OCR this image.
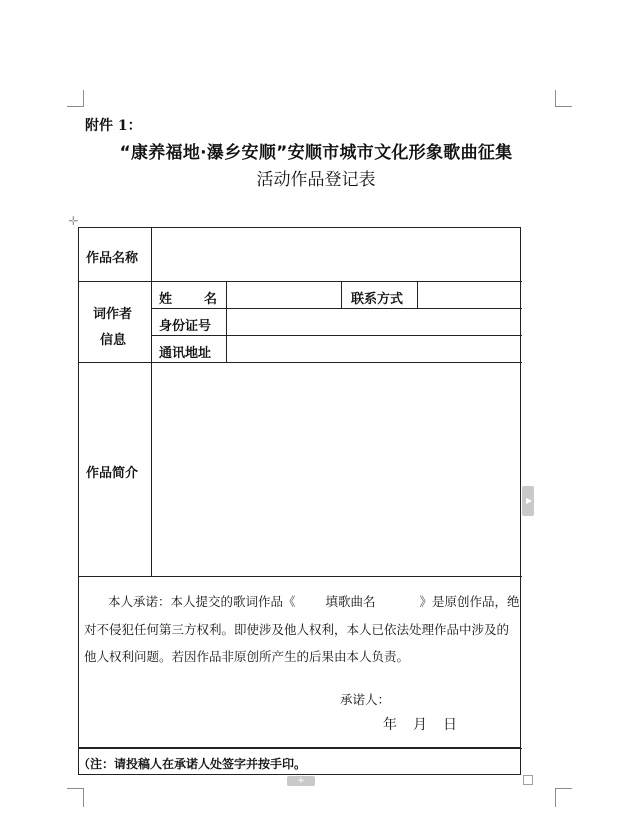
附件 1：
“康养福地·瀑乡安顺”安顺市城市文化形象歌曲征集
活动作品登记表
✛
▶
+
作品名称
词作者
信息
姓 名	联系方式
身份证号
通讯地址
作品简介
本人承诺：本人提交的歌词作品《 填歌曲名	》是原创作品，绝
对不侵犯任何第三方权利。即使涉及他人权利，本人已依法处理作品中涉及的
他人权利问题。若因作品非原创所产生的后果由本人负责。
承诺人：
年 月 日
（注：请投稿人在承诺人处签字并按手印。
